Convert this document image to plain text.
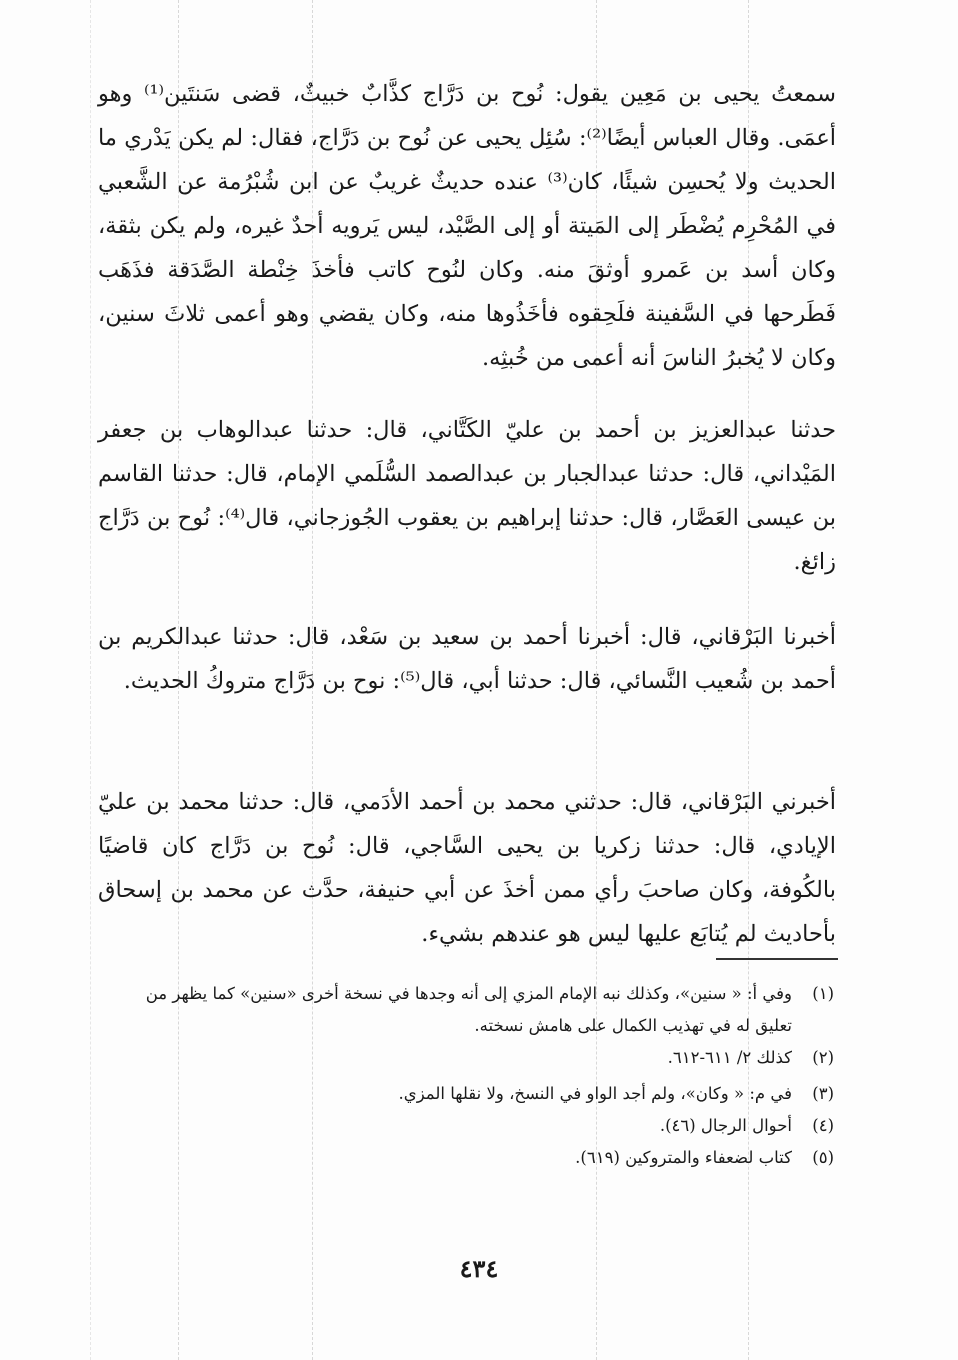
سمعتُ يحيى بن مَعِين يقول: نُوح بن دَرَّاج كذَّابٌ خبيثٌ، قضى سَنتَين⁽¹⁾ وهو أعمَى. وقال العباس أيضًا⁽²⁾: سُئِل يحيى عن نُوح بن دَرَّاج، فقال: لم يكن يَدْري ما الحديث ولا يُحسِن شيئًا، كان⁽³⁾ عنده حديثٌ غريبٌ عن ابن شُبْرُمة عن الشَّعبي في المُحْرِم يُضْطَر إلى المَيتة أو إلى الصَّيْد، ليس يَرويه أحدٌ غيره، ولم يكن بثقة، وكان أسد بن عَمرو أوثقَ منه. وكان لنُوح كاتب فأخذَ خِنْطة الصَّدَقة فذَهَب فَطَرحها في السَّفينة فلَحِقوه فأخَذُوها منه، وكان يقضي وهو أعمى ثلاثَ سنين، وكان لا يُخبرُ الناسَ أنه أعمى من خُبثِه.

حدثنا عبدالعزيز بن أحمد بن عليّ الكَتَّاني، قال: حدثنا عبدالوهاب بن جعفر المَيْداني، قال: حدثنا عبدالجبار بن عبدالصمد السُّلَمي الإمام، قال: حدثنا القاسم بن عيسى العَصَّار، قال: حدثنا إبراهيم بن يعقوب الجُوزجاني، قال⁽⁴⁾: نُوح بن دَرَّاج زائغ.

أخبرنا البَرْقاني، قال: أخبرنا أحمد بن سعيد بن سَعْد، قال: حدثنا عبدالكريم بن أحمد بن شُعيب النَّسائي، قال: حدثنا أبي، قال⁽⁵⁾: نوح بن دَرَّاج متروكُ الحديث.

أخبرني البَرْقاني، قال: حدثني محمد بن أحمد الأدَمي، قال: حدثنا محمد بن عليّ الإيادي، قال: حدثنا زكريا بن يحيى السَّاجي، قال: نُوح بن دَرَّاج كان قاضيًا بالكُوفة، وكان صاحبَ رأي ممن أخذَ عن أبي حنيفة، حدَّث عن محمد بن إسحاق بأحاديث لم يُتابَع عليها ليس هو عندهم بشيء.

(١)
وفي أ: « سنين»، وكذلك نبه الإمام المزي إلى أنه وجدها في نسخة أخرى «سنين» كما يظهر من تعليق له في تهذيب الكمال على هامش نسخته.
(٢)
كذلك ٢/ ٦١١-٦١٢.
(٣)
في م: « وكان»، ولم أجد الواو في النسخ، ولا نقلها المزي.
(٤)
أحوال الرجال (٤٦).
(٥)
كتاب لضعفاء والمتروكين (٦١٩).
٤٣٤
